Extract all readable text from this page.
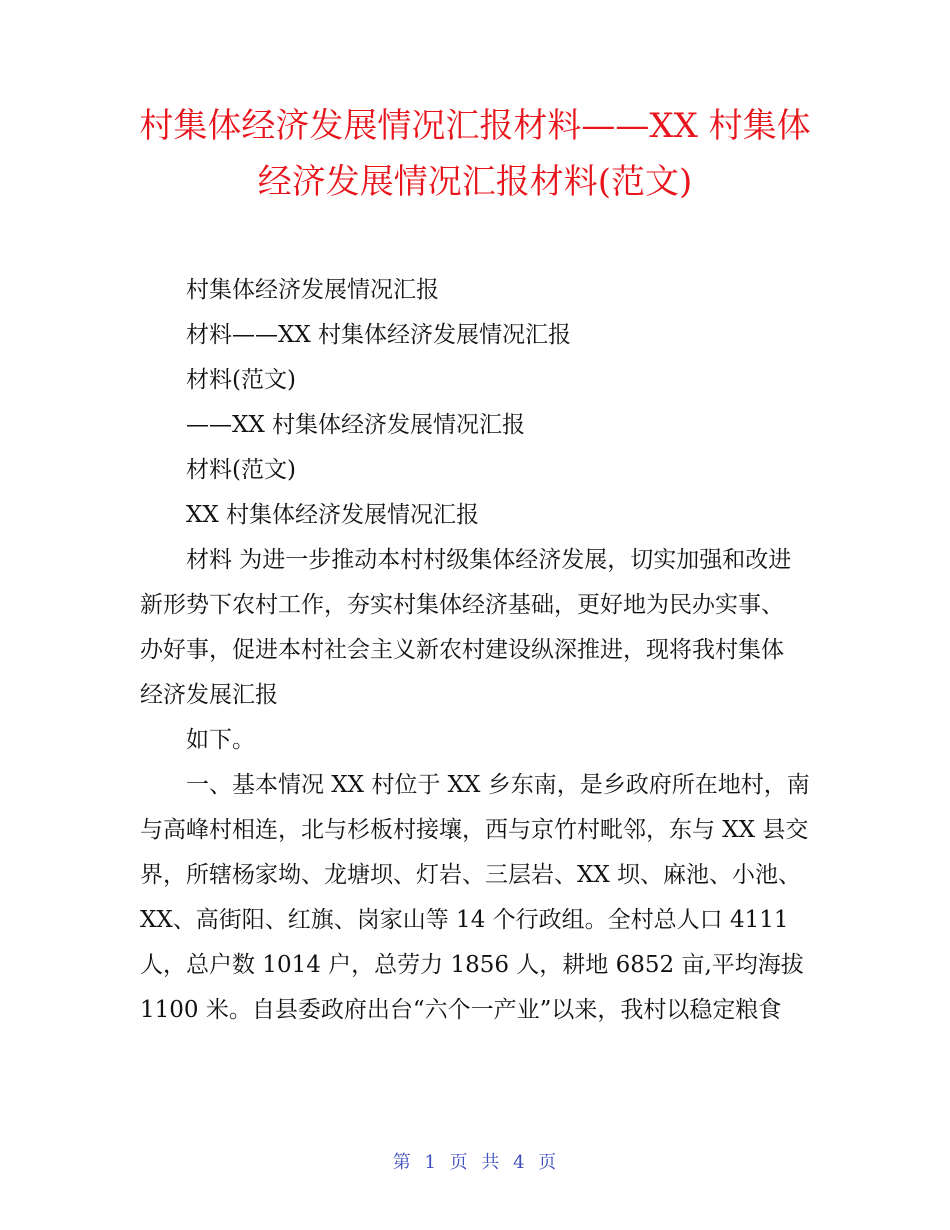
村集体经济发展情况汇报材料——XX 村集体
经济发展情况汇报材料(范文)

村集体经济发展情况汇报

材料——XX 村集体经济发展情况汇报

材料(范文)

——XX 村集体经济发展情况汇报

材料(范文)

XX 村集体经济发展情况汇报

材料 为进一步推动本村村级集体经济发展，切实加强和改进
新形势下农村工作，夯实村集体经济基础，更好地为民办实事、
办好事，促进本村社会主义新农村建设纵深推进，现将我村集体
经济发展汇报

如下。

一、基本情况 XX 村位于 XX 乡东南，是乡政府所在地村，南
与高峰村相连，北与杉板村接壤，西与京竹村毗邻，东与 XX 县交
界，所辖杨家坳、龙塘坝、灯岩、三层岩、XX 坝、麻池、小池、
XX、高街阳、红旗、岗家山等 14 个行政组。全村总人口 4111
人，总户数 1014 户，总劳力 1856 人，耕地 6852 亩,平均海拔
1100 米。自县委政府出台“六个一产业”以来，我村以稳定粮食
第 1 页 共 4 页
